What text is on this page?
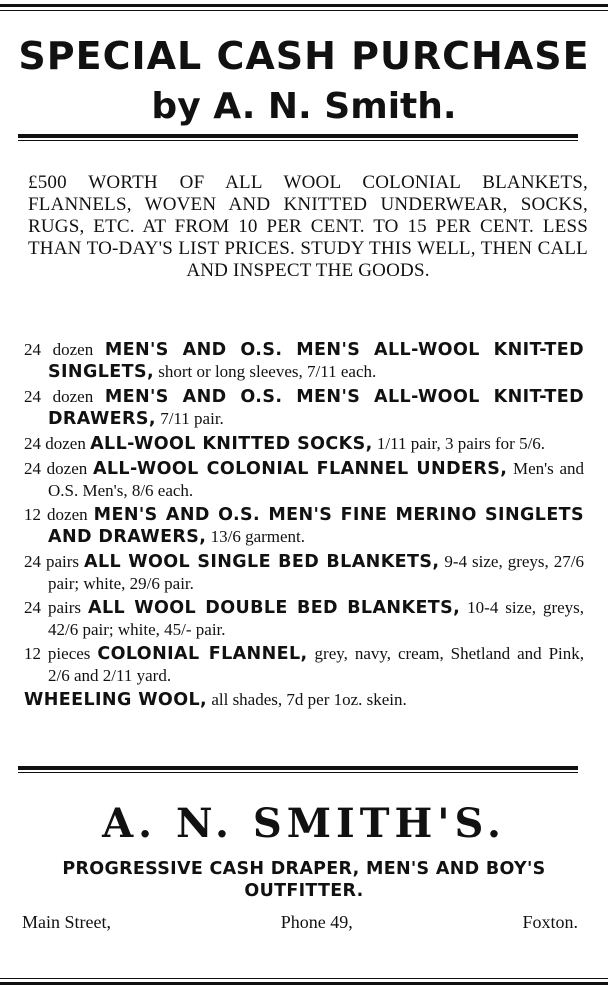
SPECIAL CASH PURCHASE
by A. N. Smith.
£500 WORTH OF ALL WOOL COLONIAL BLANKETS, FLANNELS, WOVEN AND KNITTED UNDERWEAR, SOCKS, RUGS, ETC. AT FROM 10 PER CENT. TO 15 PER CENT. LESS THAN TO-DAY'S LIST PRICES. STUDY THIS WELL, THEN CALL AND INSPECT THE GOODS.
24 dozen MEN'S AND O.S. MEN'S ALL-WOOL KNIT-TED SINGLETS, short or long sleeves, 7/11 each.
24 dozen MEN'S AND O.S. MEN'S ALL-WOOL KNIT-TED DRAWERS, 7/11 pair.
24 dozen ALL-WOOL KNITTED SOCKS, 1/11 pair, 3 pairs for 5/6.
24 dozen ALL-WOOL COLONIAL FLANNEL UNDERS, Men's and O.S. Men's, 8/6 each.
12 dozen MEN'S AND O.S. MEN'S FINE MERINO SINGLETS AND DRAWERS, 13/6 garment.
24 pairs ALL WOOL SINGLE BED BLANKETS, 9-4 size, greys, 27/6 pair; white, 29/6 pair.
24 pairs ALL WOOL DOUBLE BED BLANKETS, 10-4 size, greys, 42/6 pair; white, 45/- pair.
12 pieces COLONIAL FLANNEL, grey, navy, cream, Shetland and Pink, 2/6 and 2/11 yard.
WHEELING WOOL, all shades, 7d per 1oz. skein.
A. N. SMITH'S.
PROGRESSIVE CASH DRAPER, MEN'S AND BOY'S OUTFITTER.
Main Street,	Phone 49,	Foxton.
